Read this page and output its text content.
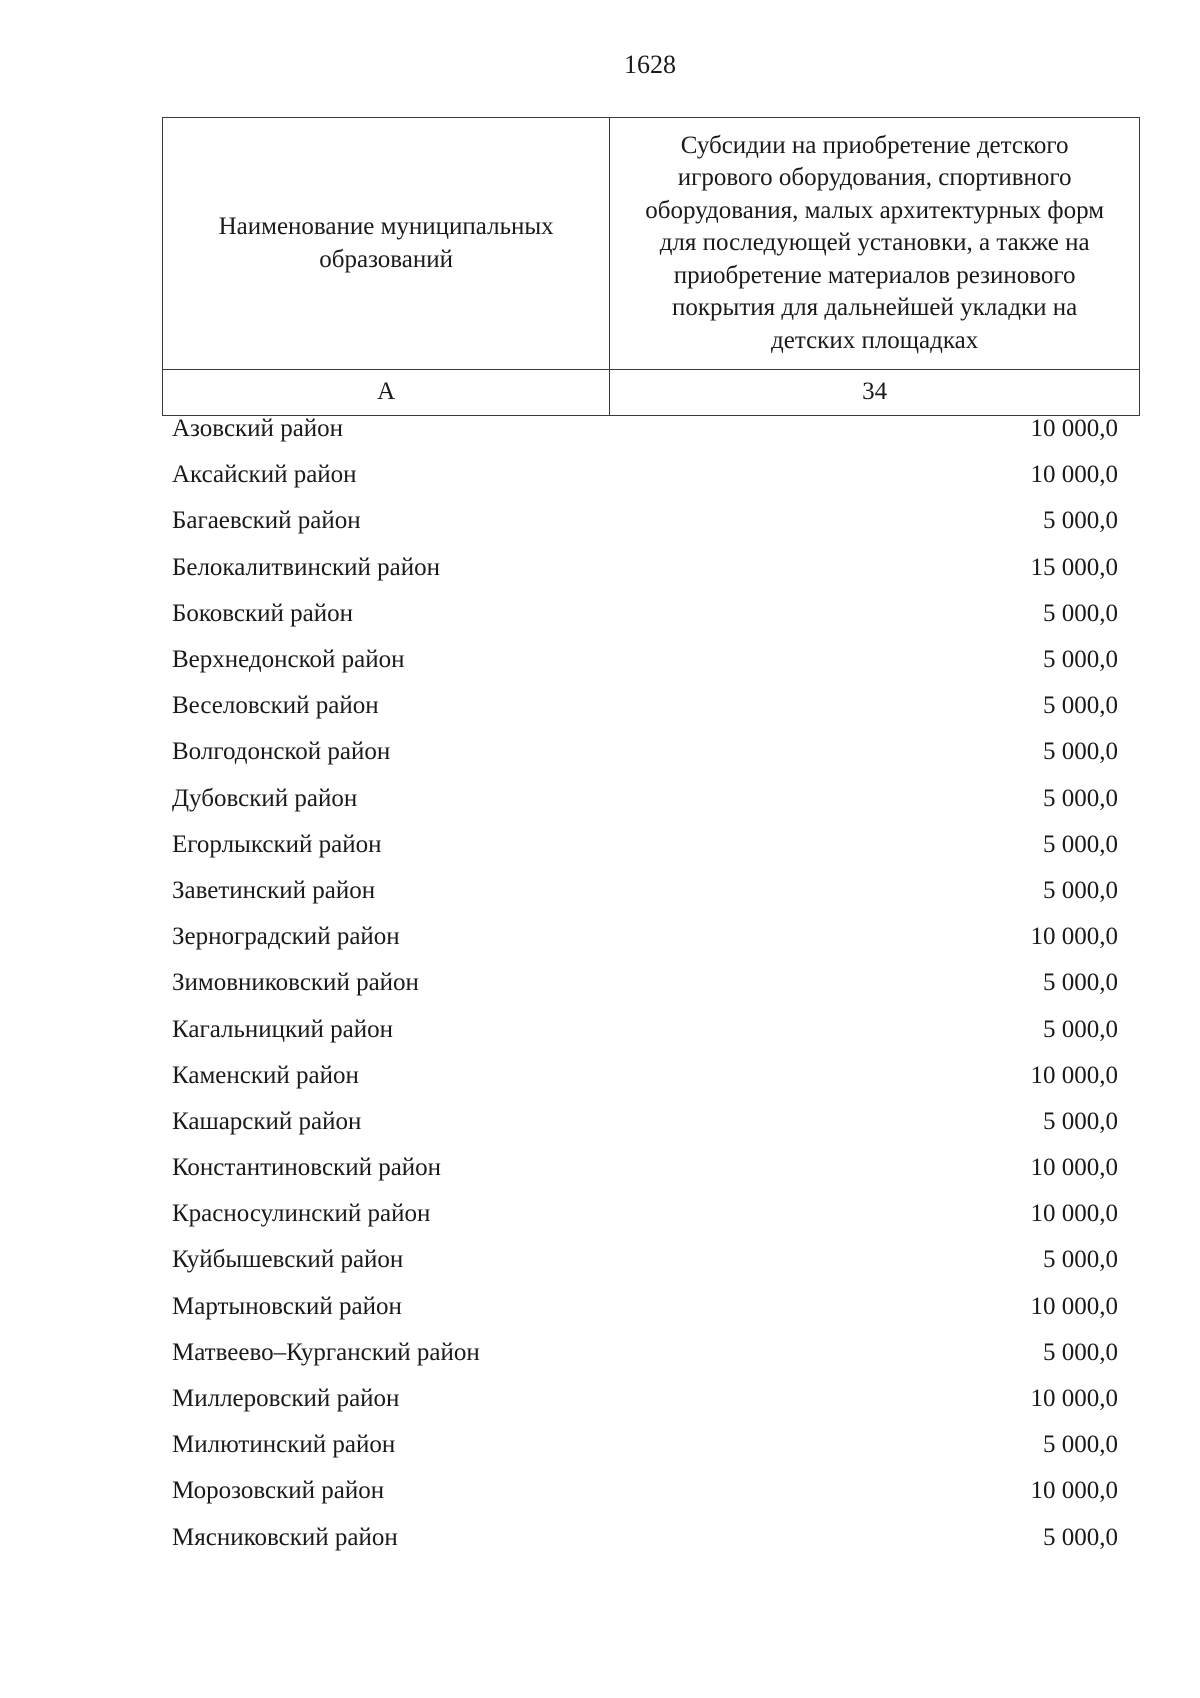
1628
Наименование муниципальных образований	Субсидии на приобретение детского игрового оборудования, спортивного оборудования, малых архитектурных форм для последующей установки, а также на приобретение материалов резинового покрытия для дальнейшей укладки на детских площадках
А	34
Азовский район	10 000,0
Аксайский район	10 000,0
Багаевский район	5 000,0
Белокалитвинский район	15 000,0
Боковский район	5 000,0
Верхнедонской район	5 000,0
Веселовский район	5 000,0
Волгодонской район	5 000,0
Дубовский район	5 000,0
Егорлыкский район	5 000,0
Заветинский район	5 000,0
Зерноградский район	10 000,0
Зимовниковский район	5 000,0
Кагальницкий район	5 000,0
Каменский район	10 000,0
Кашарский район	5 000,0
Константиновский район	10 000,0
Красносулинский район	10 000,0
Куйбышевский район	5 000,0
Мартыновский район	10 000,0
Матвеево–Курганский район	5 000,0
Миллеровский район	10 000,0
Милютинский район	5 000,0
Морозовский район	10 000,0
Мясниковский район	5 000,0
